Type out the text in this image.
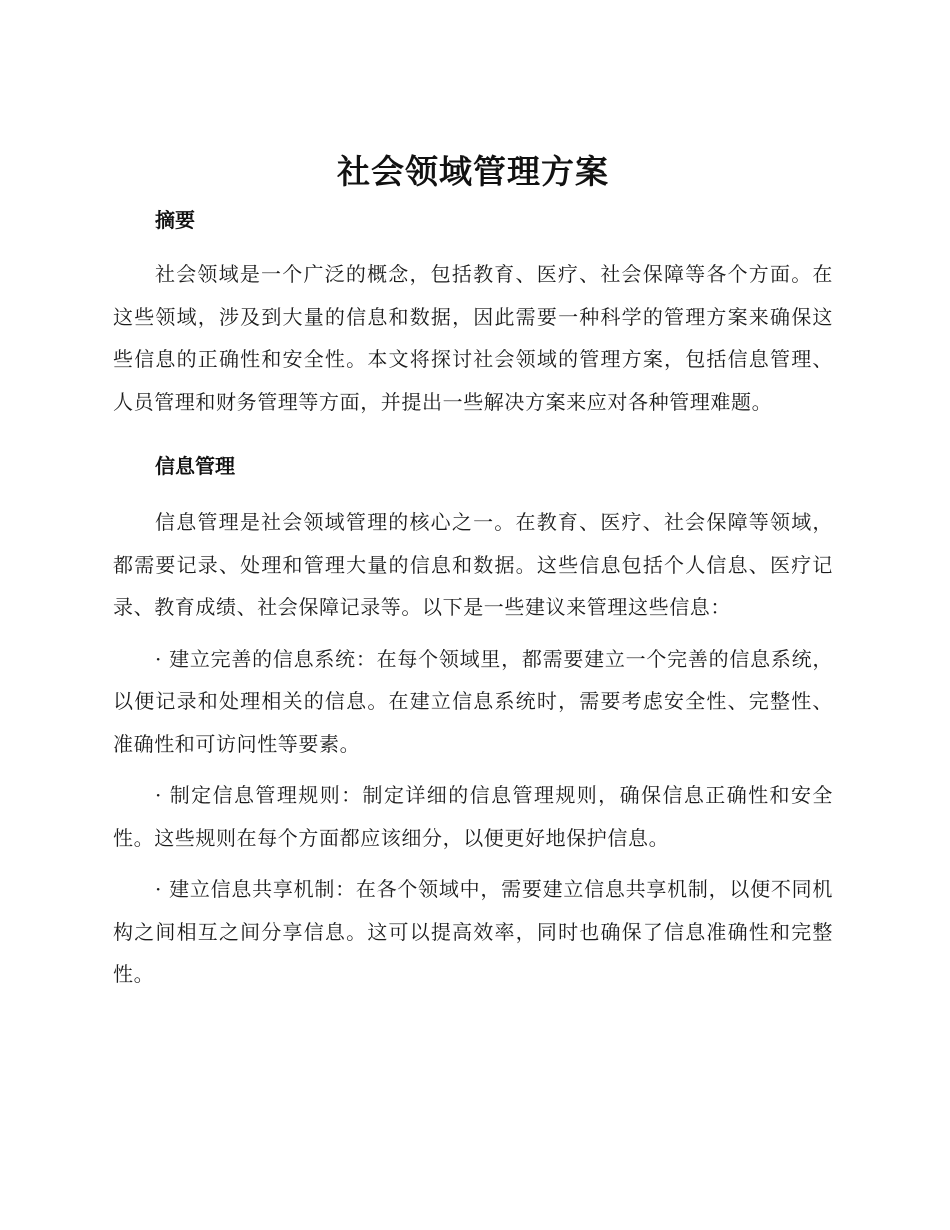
社会领域管理方案
摘要

社会领域是一个广泛的概念，包括教育、医疗、社会保障等各个方面。在这些领域，涉及到大量的信息和数据，因此需要一种科学的管理方案来确保这些信息的正确性和安全性。本文将探讨社会领域的管理方案，包括信息管理、人员管理和财务管理等方面，并提出一些解决方案来应对各种管理难题。

信息管理

信息管理是社会领域管理的核心之一。在教育、医疗、社会保障等领域，都需要记录、处理和管理大量的信息和数据。这些信息包括个人信息、医疗记录、教育成绩、社会保障记录等。以下是一些建议来管理这些信息：

· 建立完善的信息系统：在每个领域里，都需要建立一个完善的信息系统，以便记录和处理相关的信息。在建立信息系统时，需要考虑安全性、完整性、准确性和可访问性等要素。

· 制定信息管理规则：制定详细的信息管理规则，确保信息正确性和安全性。这些规则在每个方面都应该细分，以便更好地保护信息。

· 建立信息共享机制：在各个领域中，需要建立信息共享机制，以便不同机构之间相互之间分享信息。这可以提高效率，同时也确保了信息准确性和完整性。
